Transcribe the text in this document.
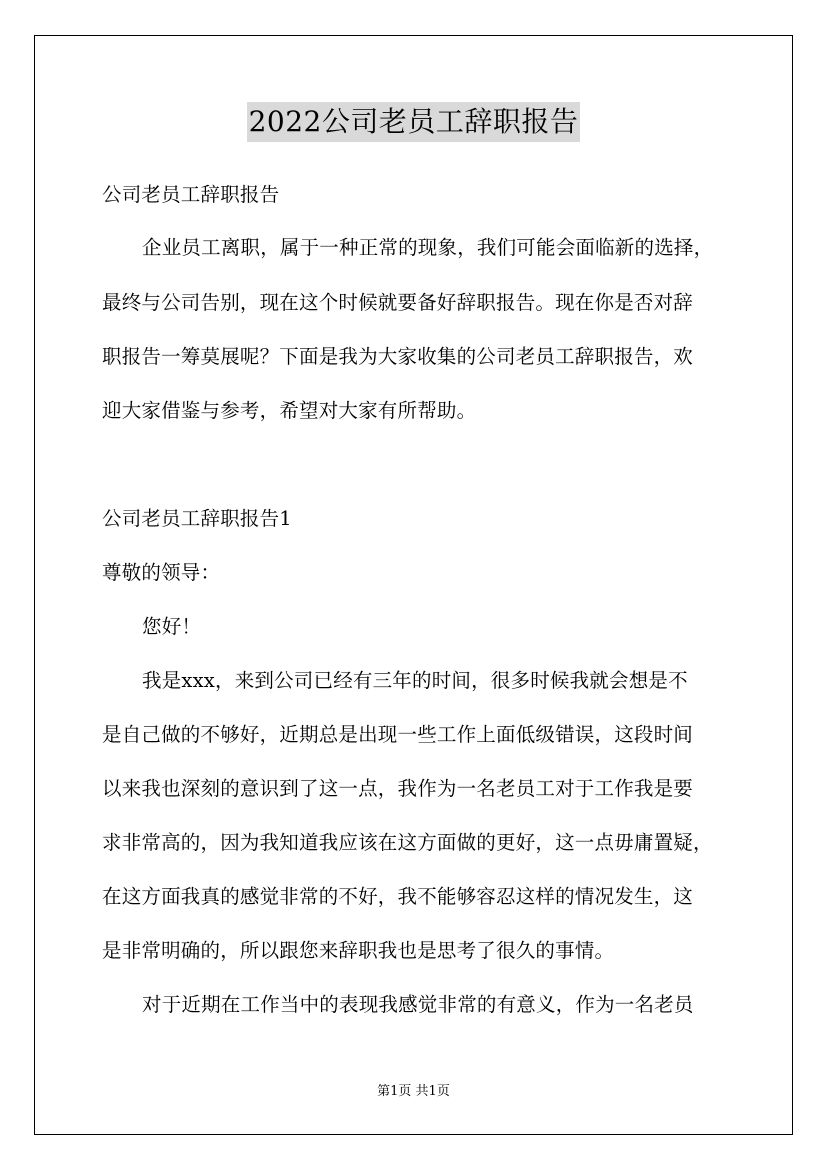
2022公司老员工辞职报告
公司老员工辞职报告
企业员工离职，属于一种正常的现象，我们可能会面临新的选择，
最终与公司告别，现在这个时候就要备好辞职报告。现在你是否对辞
职报告一筹莫展呢？下面是我为大家收集的公司老员工辞职报告，欢
迎大家借鉴与参考，希望对大家有所帮助。
公司老员工辞职报告1
尊敬的领导：
您好！
我是xxx，来到公司已经有三年的时间，很多时候我就会想是不
是自己做的不够好，近期总是出现一些工作上面低级错误，这段时间
以来我也深刻的意识到了这一点，我作为一名老员工对于工作我是要
求非常高的，因为我知道我应该在这方面做的更好，这一点毋庸置疑，
在这方面我真的感觉非常的不好，我不能够容忍这样的情况发生，这
是非常明确的，所以跟您来辞职我也是思考了很久的事情。
对于近期在工作当中的表现我感觉非常的有意义，作为一名老员
第1页 共1页
